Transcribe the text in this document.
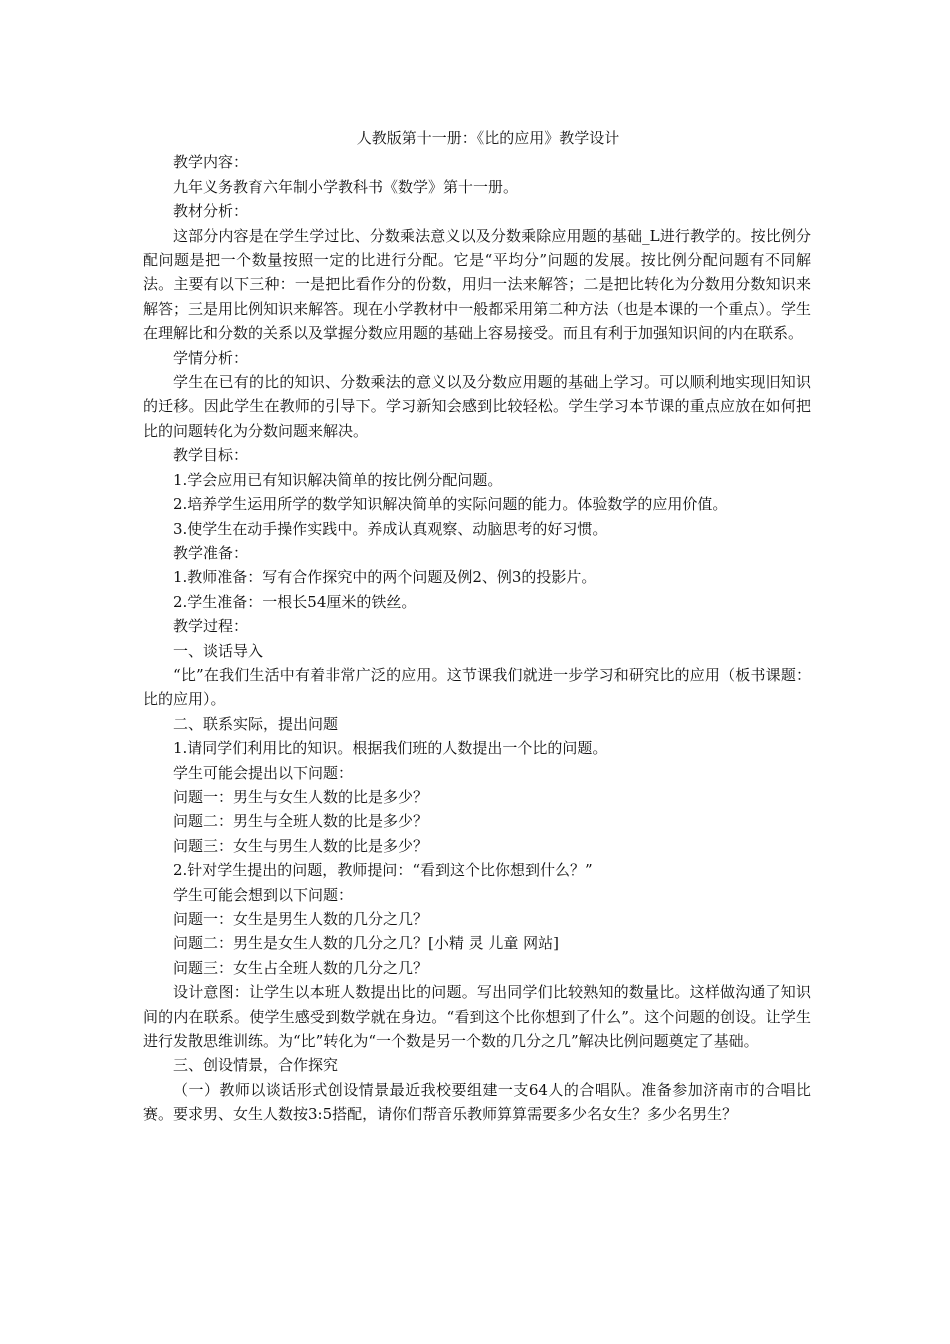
人教版第十一册：《比的应用》教学设计

教学内容：

九年义务教育六年制小学教科书《数学》第十一册。

教材分析：

这部分内容是在学生学过比、分数乘法意义以及分数乘除应用题的基础_L进行教学的。按比例分配问题是把一个数量按照一定的比进行分配。它是“平均分”问题的发展。按比例分配问题有不同解法。主要有以下三种：一是把比看作分的份数，用归一法来解答；二是把比转化为分数用分数知识来解答；三是用比例知识来解答。现在小学教材中一般都采用第二种方法（也是本课的一个重点）。学生在理解比和分数的关系以及掌握分数应用题的基础上容易接受。而且有利于加强知识间的内在联系。

学情分析：

学生在已有的比的知识、分数乘法的意义以及分数应用题的基础上学习。可以顺利地实现旧知识的迁移。因此学生在教师的引导下。学习新知会感到比较轻松。学生学习本节课的重点应放在如何把比的问题转化为分数问题来解决。

教学目标：

1.学会应用已有知识解决简单的按比例分配问题。

2.培养学生运用所学的数学知识解决简单的实际问题的能力。体验数学的应用价值。

3.使学生在动手操作实践中。养成认真观察、动脑思考的好习惯。

教学准备：

1.教师准备：写有合作探究中的两个问题及例2、例3的投影片。

2.学生准备：一根长54厘米的铁丝。

教学过程：

一、谈话导入

“比”在我们生活中有着非常广泛的应用。这节课我们就进一步学习和研究比的应用（板书课题：比的应用）。

二、联系实际，提出问题

1.请同学们利用比的知识。根据我们班的人数提出一个比的问题。

学生可能会提出以下问题：

问题一：男生与女生人数的比是多少？

问题二：男生与全班人数的比是多少？

问题三：女生与男生人数的比是多少？

2.针对学生提出的问题，教师提问：“看到这个比你想到什么？”

学生可能会想到以下问题：

问题一：女生是男生人数的几分之几？

问题二：男生是女生人数的几分之几？[小精 灵 儿童 网站]

问题三：女生占全班人数的几分之几？

设计意图：让学生以本班人数提出比的问题。写出同学们比较熟知的数量比。这样做沟通了知识间的内在联系。使学生感受到数学就在身边。“看到这个比你想到了什么”。这个问题的创设。让学生进行发散思维训练。为“比”转化为“一个数是另一个数的几分之几”解决比例问题奠定了基础。

三、创设情景，合作探究

（一）教师以谈话形式创设情景最近我校要组建一支64人的合唱队。准备参加济南市的合唱比赛。要求男、女生人数按3:5搭配，请你们帮音乐教师算算需要多少名女生？多少名男生？
